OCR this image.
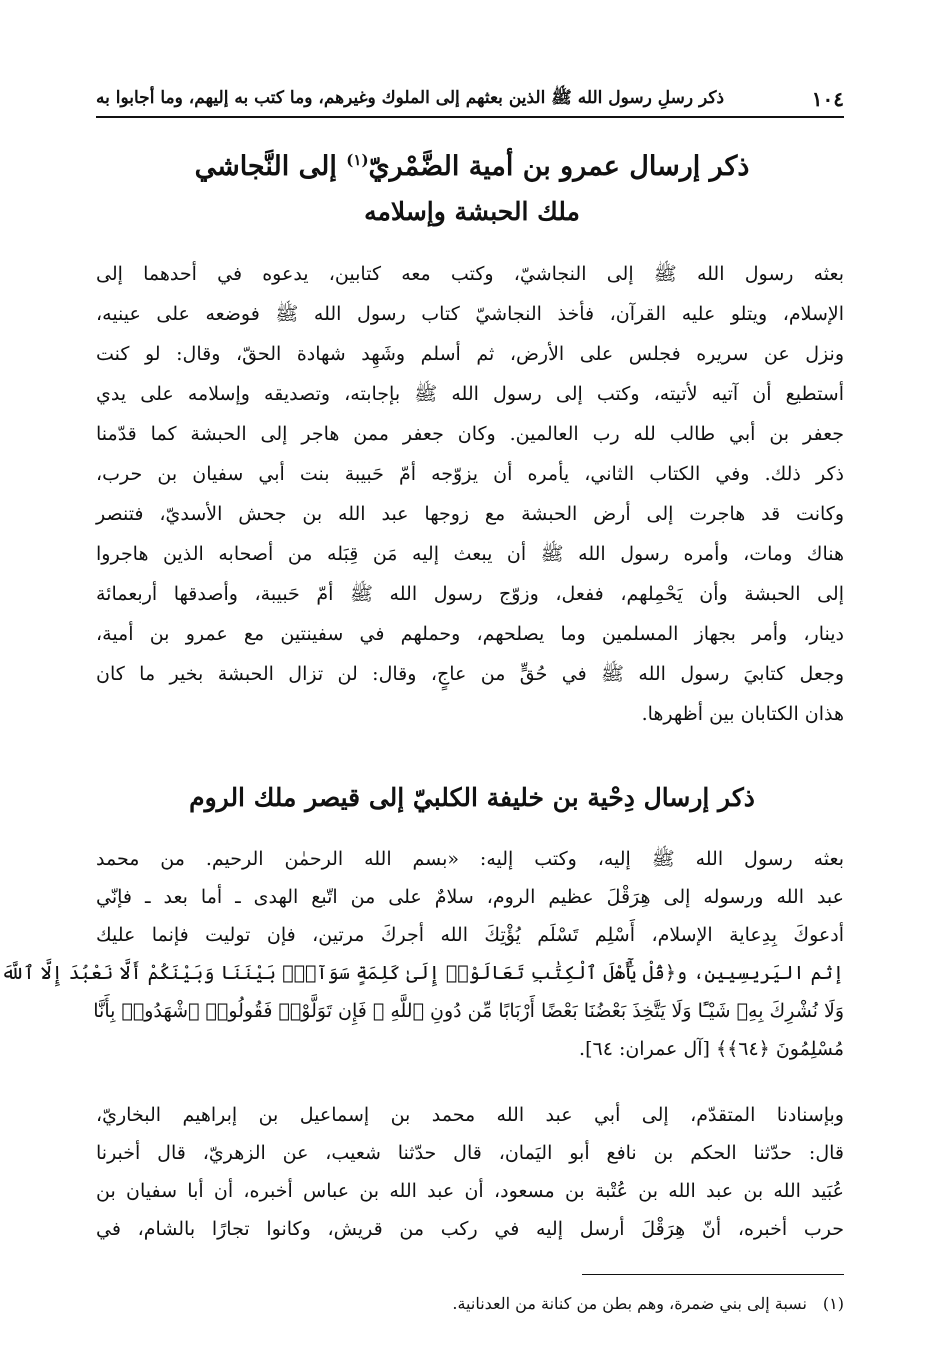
١٠٤
ذكر رسلِ رسول الله ﷺ الذين بعثهم إلى الملوك وغيرهم، وما كتب به إليهم، وما أجابوا به
ذكر إرسال عمرو بن أمية الضَّمْريّ$^{(١)}$ إلى النَّجاشي
ملك الحبشة وإسلامه
بعثه رسول الله ﷺ إلى النجاشيّ، وكتب معه كتابين، يدعوه في أحدهما إلى
الإسلام، ويتلو عليه القرآن، فأخذ النجاشيّ كتاب رسول الله ﷺ فوضعه على عينيه،
ونزل عن سريره فجلس على الأرض، ثم أسلم وشَهِد شهادة الحقّ، وقال: لو كنت
أستطيع أن آتيه لأتيته، وكتب إلى رسول الله ﷺ بإجابته، وتصديقه وإسلامه على يدي
جعفر بن أبي طالب لله رب العالمين. وكان جعفر ممن هاجر إلى الحبشة كما قدّمنا
ذكر ذلك. وفي الكتاب الثاني، يأمره أن يزوّجه أمّ حَبيبة بنت أبي سفيان بن حرب،
وكانت قد هاجرت إلى أرض الحبشة مع زوجها عبد الله بن جحش الأسديّ، فتنصر
هناك ومات، وأمره رسول الله ﷺ أن يبعث إليه مَن قِبَله من أصحابه الذين هاجروا
إلى الحبشة وأن يَحْمِلهم، ففعل، وزوّج رسول الله ﷺ أمّ حَبيبة، وأصدقها أربعمائة
دينار، وأمر بجهاز المسلمين وما يصلحهم، وحملهم في سفينتين مع عمرو بن أمية،
وجعل كتابيَ رسول الله ﷺ في حُقٍّ من عاجٍ، وقال: لن تزال الحبشة بخير ما كان
هذان الكتابان بين أظهرها.
ذكر إرسال دِحْية بن خليفة الكلبيّ إلى قيصر ملك الروم
بعثه رسول الله ﷺ إليه، وكتب إليه: «بسم الله الرحمٰن الرحيم. من محمد
عبد الله ورسوله إلى هِرَقْلَ عظيم الروم، سلامٌ على من اتّبع الهدى ـ أما بعد ـ فإنّي
أدعوكَ بِدِعاية الإسلام، أَسْلِم تَسْلَم يُؤْتِكَ الله أجركَ مرتين، فإن توليت فإنما عليك
إثم اليَريسِيين، و﴿قُلْ يَٰٓأَهْلَ ٱلْكِتَٰبِ تَعَالَوْا۟ إِلَىٰ كَلِمَةٍ سَوَآءٍۭ بَيْنَنَا وَبَيْنَكُمْ أَلَّا نَعْبُدَ إِلَّا ٱللَّهَ
وَلَا نُشْرِكَ بِهِۦ شَيْـًٔا وَلَا يَتَّخِذَ بَعْضُنَا بَعْضًا أَرْبَابًا مِّن دُونِ ٱللَّهِ ۚ فَإِن تَوَلَّوْا۟ فَقُولُوا۟ ٱشْهَدُوا۟ بِأَنَّا
مُسْلِمُونَ ﴿٦٤﴾﴾ [آل عمران: ٦٤].
وبإسنادنا المتقدّم، إلى أبي عبد الله محمد بن إسماعيل بن إبراهيم البخاريّ،
قال: حدّثنا الحكم بن نافع أبو اليَمان، قال حدّثنا شعيب، عن الزهريّ، قال أخبرنا
عُبَيد الله بن عبد الله بن عُتْبة بن مسعود، أن عبد الله بن عباس أخبره، أن أبا سفيان بن
حرب أخبره، أنّ هِرَقْلَ أرسل إليه في ركب من قريش، وكانوا تجارًا بالشام، في
(١)نسبة إلى بني ضمرة، وهم بطن من كنانة من العدنانية.
